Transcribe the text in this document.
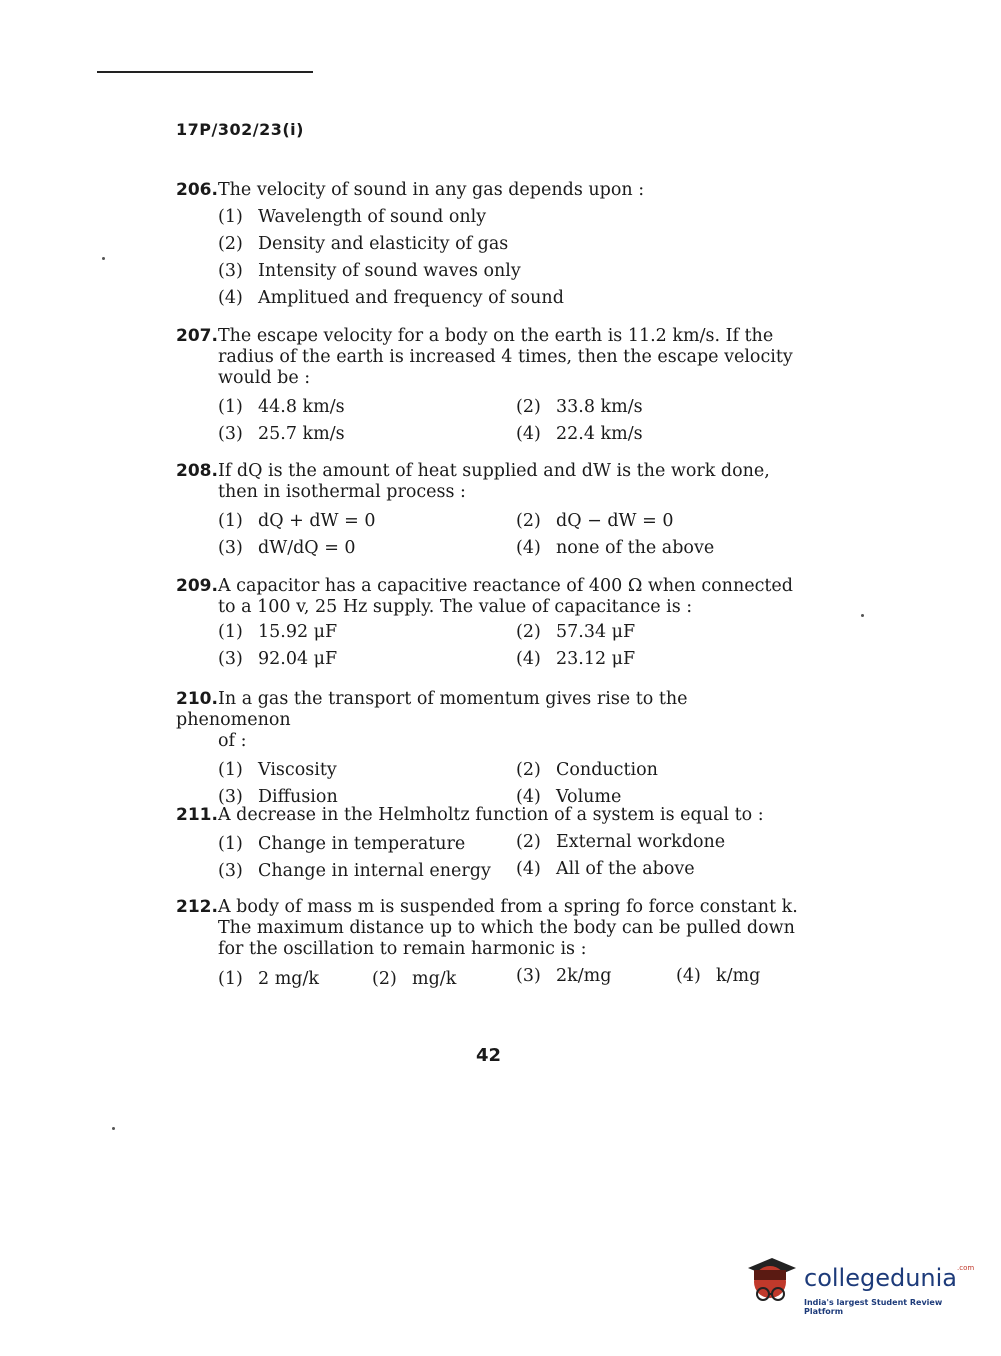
17P/302/23(i)
206.The velocity of sound in any gas depends upon :
(1) Wavelength of sound only
(2) Density and elasticity of gas
(3) Intensity of sound waves only
(4) Amplitued and frequency of sound
207.The escape velocity for a body on the earth is 11.2 km/s. If the
radius of the earth is increased 4 times, then the escape velocity
would be :
(1) 44.8 km/s	(2) 33.8 km/s
(3) 25.7 km/s	(4) 22.4 km/s
208.If dQ is the amount of heat supplied and dW is the work done,
then in isothermal process :
(1) dQ + dW = 0	(2) dQ − dW = 0
(3) dW/dQ = 0	(4) none of the above
209.A capacitor has a capacitive reactance of 400 Ω when connected
to a 100 v, 25 Hz supply. The value of capacitance is :
(1) 15.92 μF	(2) 57.34 μF
(3) 92.04 μF	(4) 23.12 μF
210.In a gas the transport of momentum gives rise to the phenomenon
of :
(1) Viscosity	(2) Conduction
(3) Diffusion	(4) Volume
211.A decrease in the Helmholtz function of a system is equal to :
(1) Change in temperature	(2) External workdone
(3) Change in internal energy (4) All of the above
212.A body of mass m is suspended from a spring fo force constant k.
The maximum distance up to which the body can be pulled down
for the oscillation to remain harmonic is :
(1) 2 mg/k	(2) mg/k	(3) 2k/mg	(4) k/mg
42
collegedunia$^{.com}$
India's largest Student Review Platform
